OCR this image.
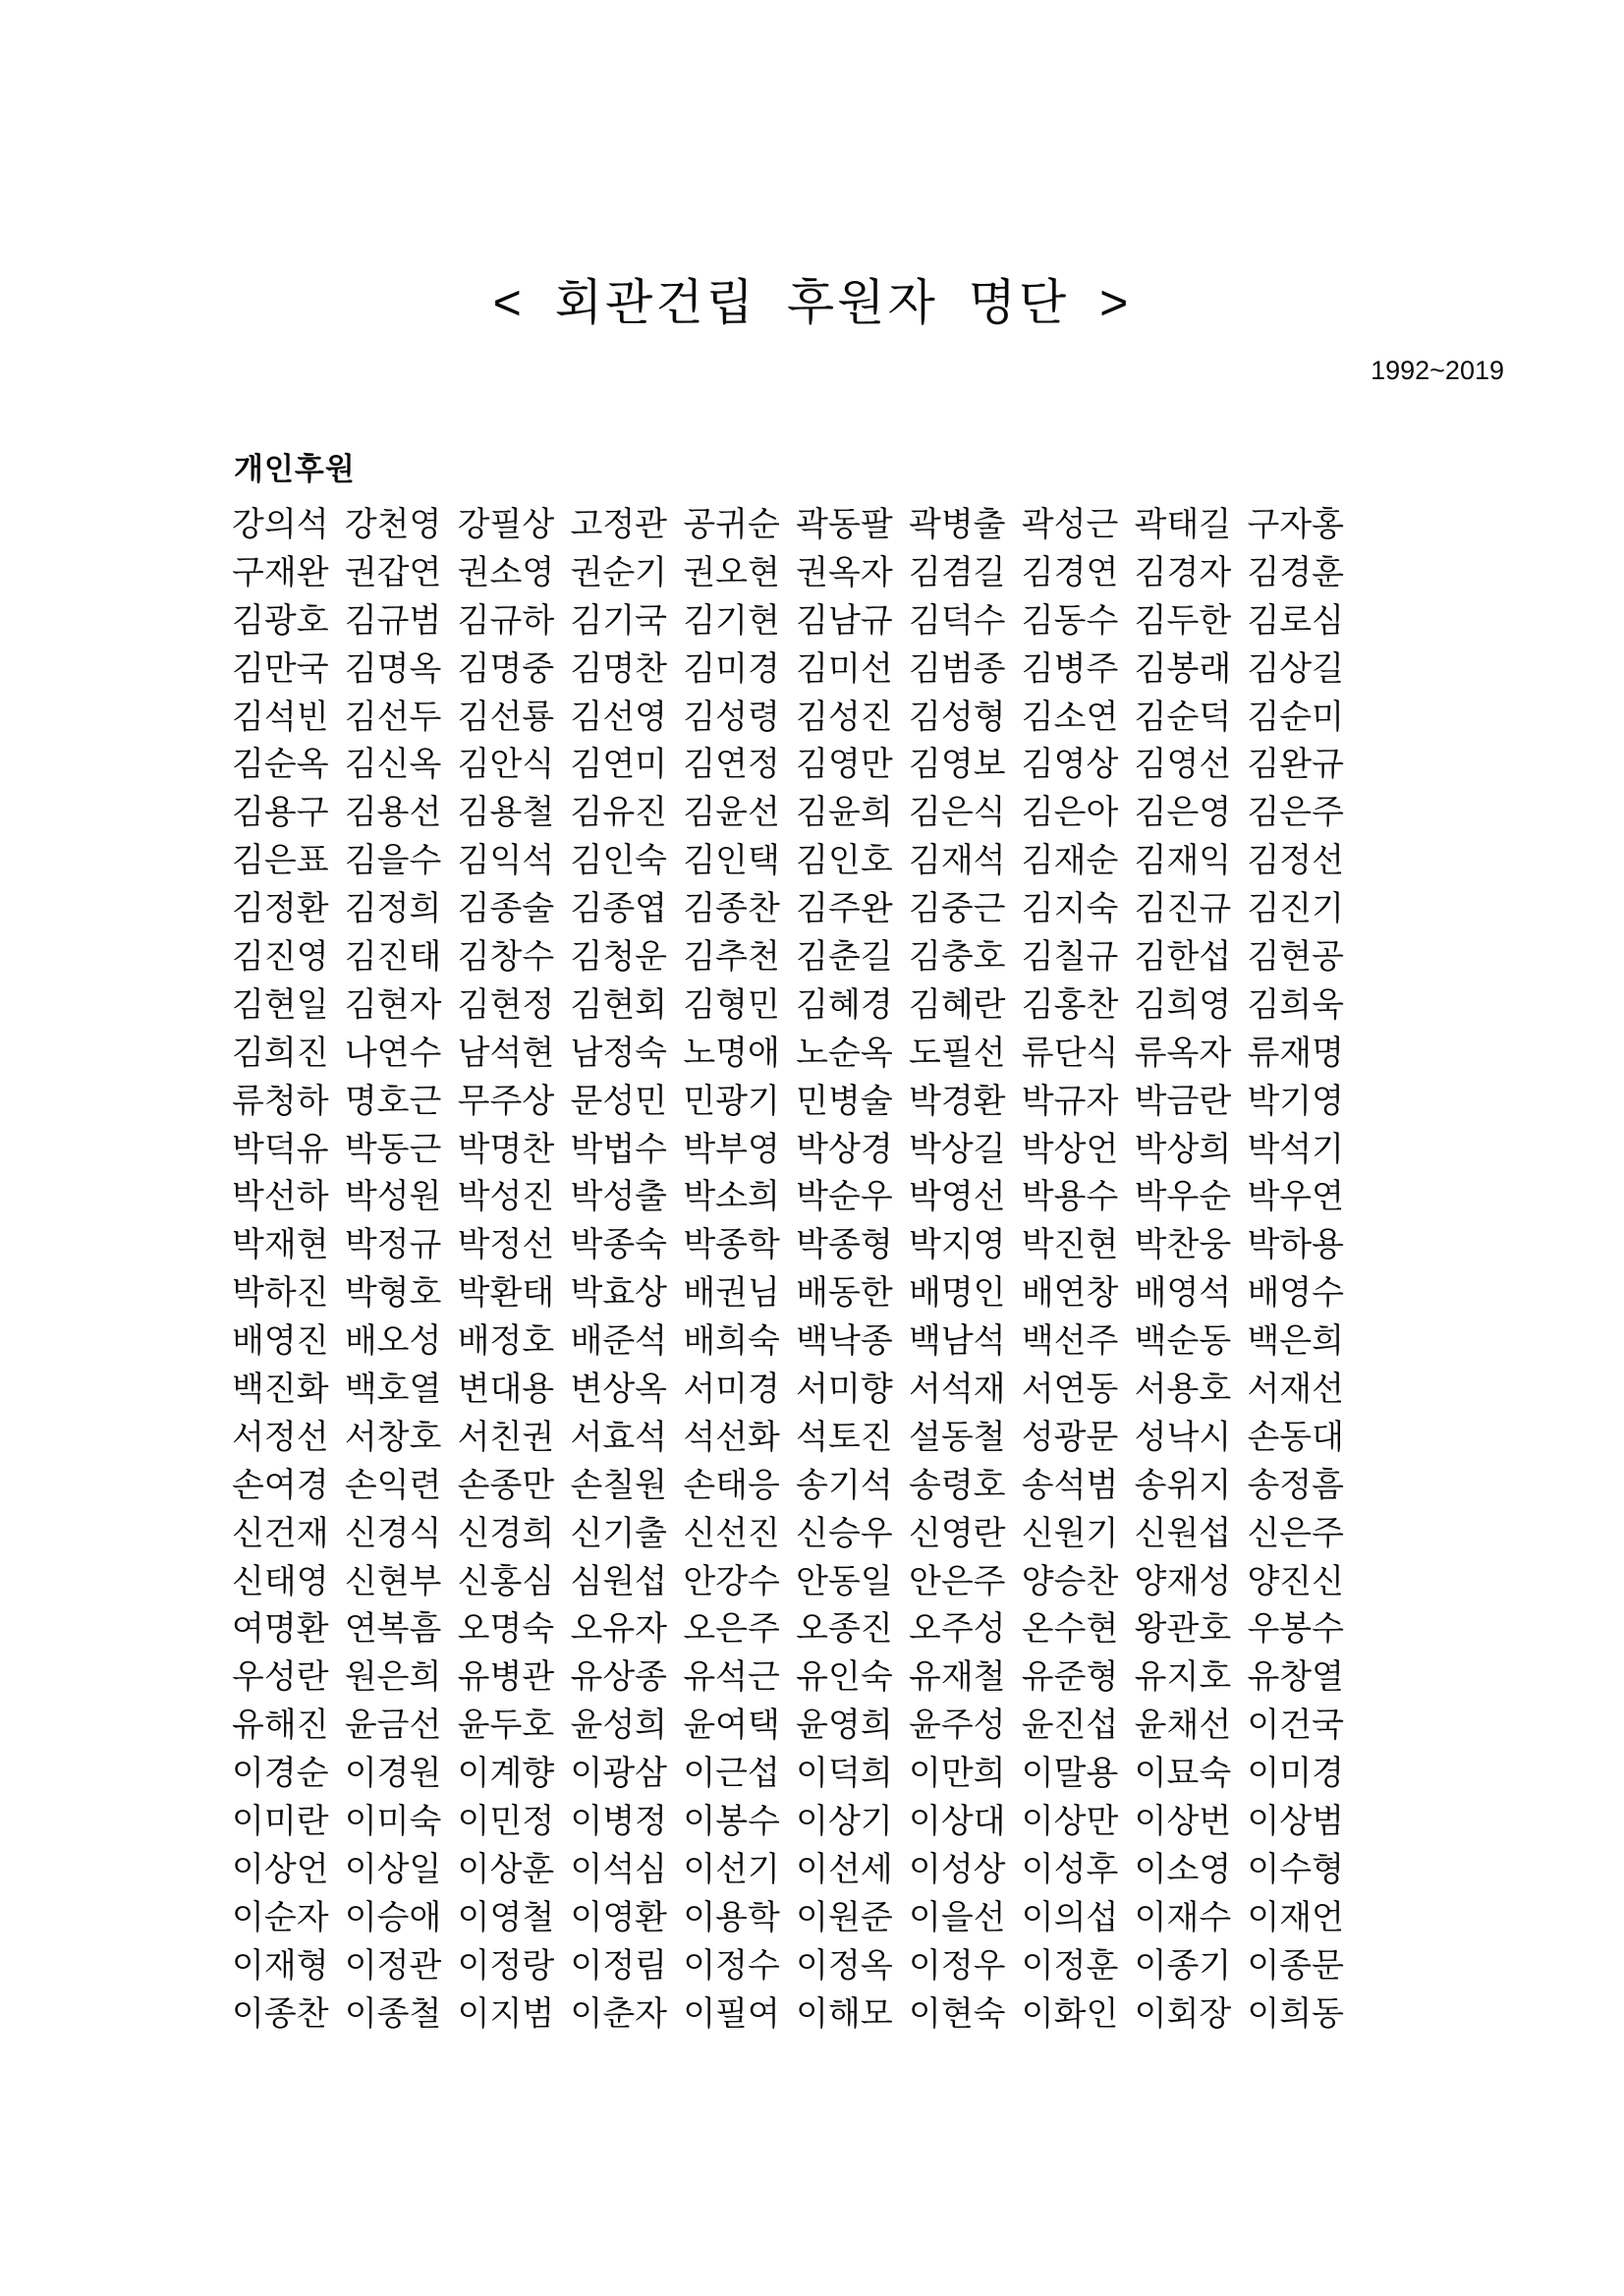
< 회관건립 후원자 명단 >
1992~2019
개인후원
강의석 강천영 강필상 고정관 공귀순 곽동팔 곽병출 곽성근 곽태길 구자홍
구재완 권갑연 권소영 권순기 권오현 권옥자 김겸길 김경연 김경자 김경훈
김광호 김규범 김규하 김기국 김기현 김남규 김덕수 김동수 김두한 김로심
김만국 김명옥 김명중 김명찬 김미경 김미선 김범종 김병주 김봉래 김상길
김석빈 김선두 김선룡 김선영 김성령 김성진 김성형 김소연 김순덕 김순미
김순옥 김신옥 김안식 김연미 김연정 김영만 김영보 김영상 김영선 김완규
김용구 김용선 김용철 김유진 김윤선 김윤희 김은식 김은아 김은영 김은주
김은표 김을수 김익석 김인숙 김인택 김인호 김재석 김재순 김재익 김정선
김정환 김정희 김종술 김종엽 김종찬 김주완 김중근 김지숙 김진규 김진기
김진영 김진태 김창수 김청운 김추천 김춘길 김충호 김칠규 김한섭 김현공
김현일 김현자 김현정 김현회 김형민 김혜경 김혜란 김홍찬 김희영 김희욱
김희진 나연수 남석현 남정숙 노명애 노순옥 도필선 류단식 류옥자 류재명
류청하 명호근 무주상 문성민 민광기 민병술 박경환 박규자 박금란 박기영
박덕유 박동근 박명찬 박법수 박부영 박상경 박상길 박상언 박상희 박석기
박선하 박성원 박성진 박성출 박소희 박순우 박영선 박용수 박우순 박우연
박재현 박정규 박정선 박종숙 박종학 박종형 박지영 박진현 박찬웅 박하용
박하진 박형호 박환태 박효상 배권님 배동한 배명인 배연창 배영석 배영수
배영진 배오성 배정호 배준석 배희숙 백낙종 백남석 백선주 백순동 백은희
백진화 백호열 변대용 변상옥 서미경 서미향 서석재 서연동 서용호 서재선
서정선 서창호 서친권 서효석 석선화 석토진 설동철 성광문 성낙시 손동대
손여경 손익련 손종만 손칠원 손태응 송기석 송령호 송석범 송위지 송정흠
신건재 신경식 신경희 신기출 신선진 신승우 신영란 신원기 신원섭 신은주
신태영 신현부 신홍심 심원섭 안강수 안동일 안은주 양승찬 양재성 양진신
여명환 연복흠 오명숙 오유자 오은주 오종진 오주성 온수현 왕관호 우봉수
우성란 원은희 유병관 유상종 유석근 유인숙 유재철 유준형 유지호 유창열
유해진 윤금선 윤두호 윤성희 윤여택 윤영희 윤주성 윤진섭 윤채선 이건국
이경순 이경원 이계향 이광삼 이근섭 이덕희 이만희 이말용 이묘숙 이미경
이미란 이미숙 이민정 이병정 이봉수 이상기 이상대 이상만 이상번 이상범
이상언 이상일 이상훈 이석심 이선기 이선세 이성상 이성후 이소영 이수형
이순자 이승애 이영철 이영환 이용학 이원준 이을선 이의섭 이재수 이재언
이재형 이정관 이정랑 이정림 이정수 이정옥 이정우 이정훈 이종기 이종문
이종찬 이종철 이지범 이춘자 이필여 이해모 이현숙 이화인 이회장 이희동
